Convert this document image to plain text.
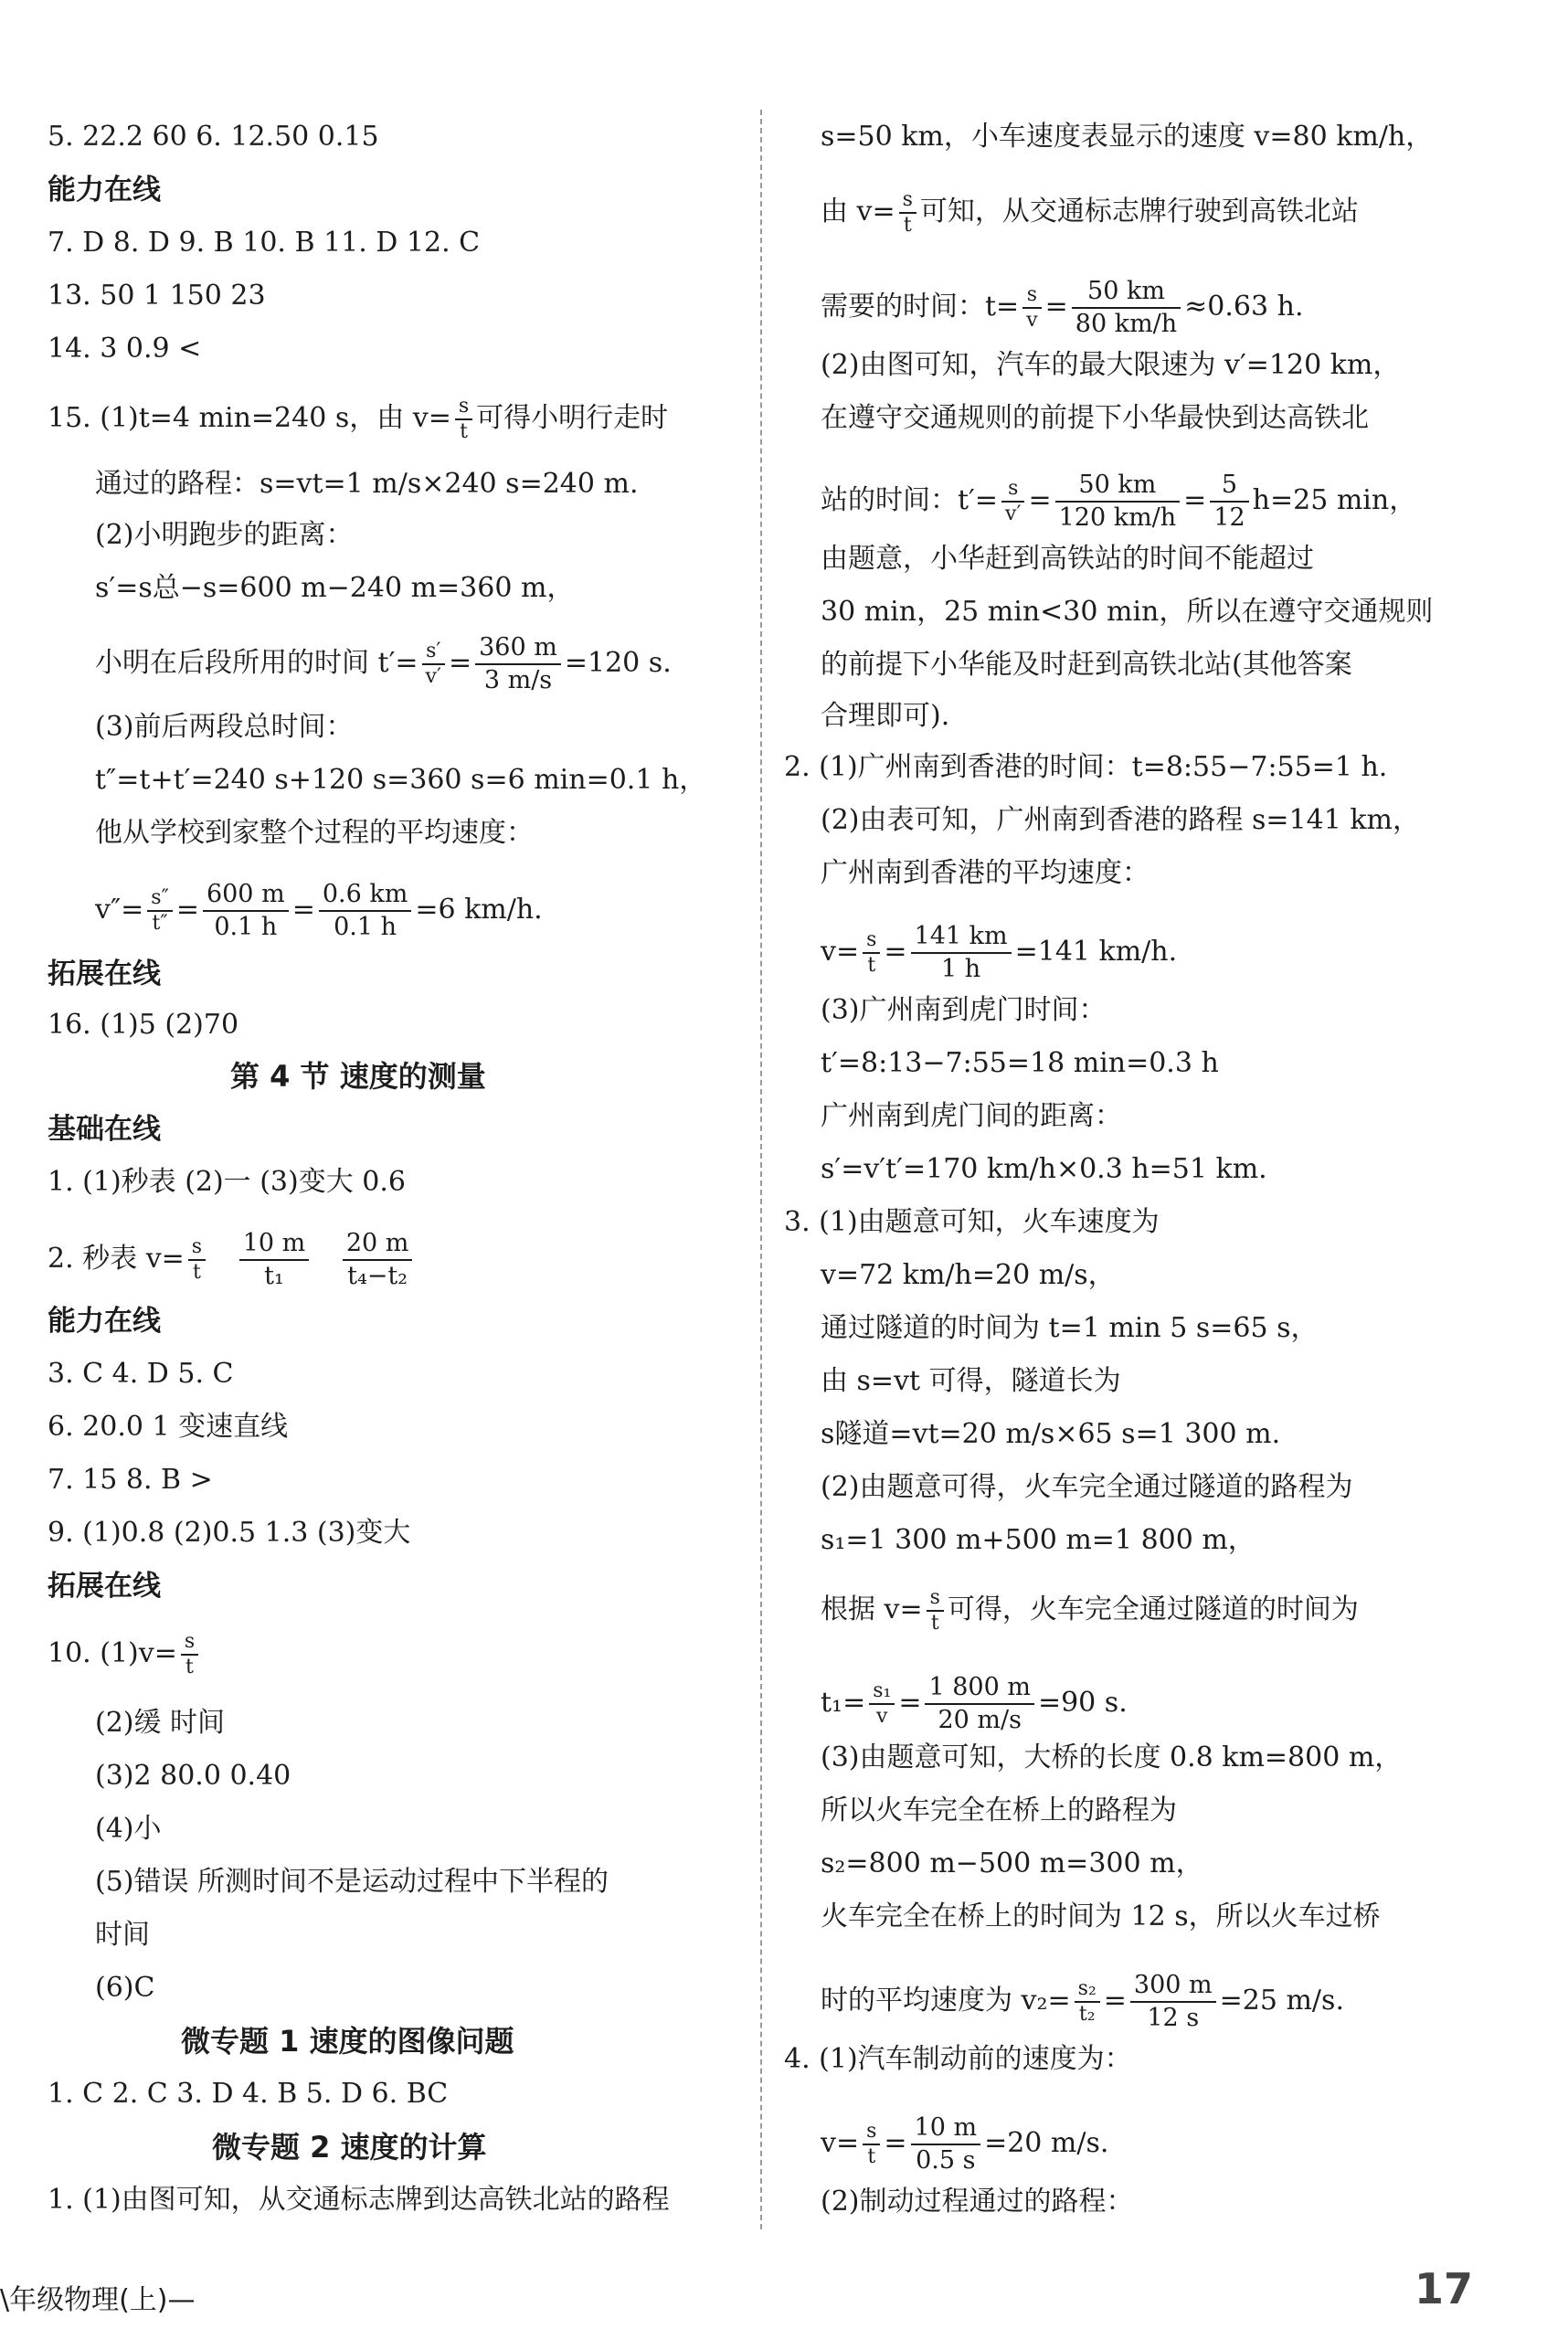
5. 22.2 60 6. 12.50 0.15
能力在线
7. D 8. D 9. B 10. B 11. D 12. C
13. 50 1 150 23
14. 3 0.9 <
15. (1)t=4 min=240 s，由 $v= \frac{s}{t}$ 可得小明行走时
通过的路程：s=vt=1 m/s×240 s=240 m.
(2)小明跑步的距离：
s′=s总−s=600 m−240 m=360 m，
小明在后段所用的时间 $t'= \frac{s'}{v'} = \frac{360 m}{3 m/s} =120$ s.
(3)前后两段总时间：
t″=t+t′=240 s+120 s=360 s=6 min=0.1 h，
他从学校到家整个过程的平均速度：
$v''= \frac{s''}{t''} = \frac{600 m}{0.1 h} = \frac{0.6 km}{0.1 h} =6$ km/h.
拓展在线
16. (1)5 (2)70
第 4 节 速度的测量
基础在线
1. (1)秒表 (2)一 (3)变大 0.6
2. 秒表 $v= \frac{s}{t}$
$\frac{10 m}{\text{t₁}}$
$\frac{20 m}{\text{t₄−t₂}}$
能力在线
3. C 4. D 5. C
6. 20.0 1 变速直线
7. 15 8. B >
9. (1)0.8 (2)0.5 1.3 (3)变大
拓展在线
10. $(1)v= \frac{s}{t}$
(2)缓 时间
(3)2 80.0 0.40
(4)小
(5)错误 所测时间不是运动过程中下半程的
时间
(6)C
微专题 1 速度的图像问题
1. C 2. C 3. D 4. B 5. D 6. BC
微专题 2 速度的计算
1. (1)由图可知，从交通标志牌到达高铁北站的路程
s=50 km，小车速度表显示的速度 v=80 km/h，
由 $v= \frac{s}{t}$ 可知，从交通标志牌行驶到高铁北站
需要的时间：$t= \frac{s}{v} = \frac{50 km}{80 km/h} \approx 0.63$ h.
(2)由图可知，汽车的最大限速为 v′=120 km，
在遵守交通规则的前提下小华最快到达高铁北
站的时间：$t'= \frac{s}{v'} = \frac{50 km}{120 km/h} = \frac{5}{12} h=25$ min，
由题意，小华赶到高铁站的时间不能超过
30 min，25 min<30 min，所以在遵守交通规则
的前提下小华能及时赶到高铁北站(其他答案
合理即可).
2. (1)广州南到香港的时间：t=8:55−7:55=1 h.
(2)由表可知，广州南到香港的路程 s=141 km，
广州南到香港的平均速度：
$v= \frac{s}{t} = \frac{141 km}{1 h} =141$ km/h.
(3)广州南到虎门时间：
t′=8:13−7:55=18 min=0.3 h
广州南到虎门间的距离：
s′=v′t′=170 km/h×0.3 h=51 km.
3. (1)由题意可知，火车速度为
v=72 km/h=20 m/s，
通过隧道的时间为 t=1 min 5 s=65 s，
由 s=vt 可得，隧道长为
s隧道=vt=20 m/s×65 s=1 300 m.
(2)由题意可得，火车完全通过隧道的路程为
s₁=1 300 m+500 m=1 800 m，
根据 $v= \frac{s}{t}$ 可得，火车完全通过隧道的时间为
$t_1= \frac{\text{s₁}}{v} = \frac{1 800 m}{20 m/s} =90$ s.
(3)由题意可知，大桥的长度 0.8 km=800 m，
所以火车完全在桥上的路程为
s₂=800 m−500 m=300 m，
火车完全在桥上的时间为 12 s，所以火车过桥
时的平均速度为 $v_2= \frac{\text{s₂}}{\text{t₂}} = \frac{300 m}{12 s} =25$ m/s.
4. (1)汽车制动前的速度为：
$v= \frac{s}{t} = \frac{10 m}{0.5 s} =20$ m/s.
(2)制动过程通过的路程：
\年级物理(上)—	17
